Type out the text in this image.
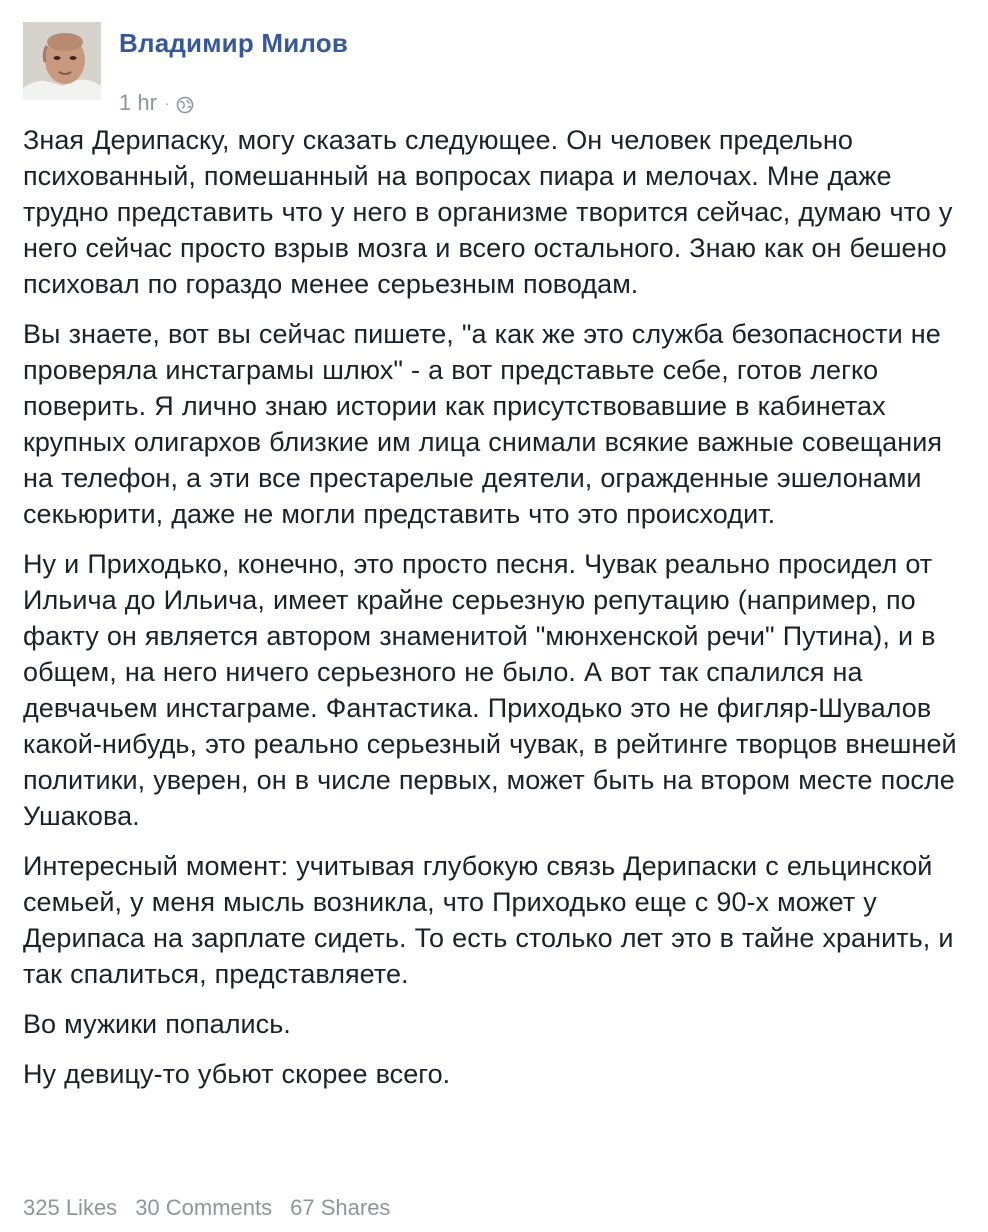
Владимир Милов
1 hr ·

Зная Дерипаску, могу сказать следующее. Он человек предельно психованный, помешанный на вопросах пиара и мелочах. Мне даже трудно представить что у него в организме творится сейчас, думаю что у него сейчас просто взрыв мозга и всего остального. Знаю как он бешено психовал по гораздо менее серьезным поводам.

Вы знаете, вот вы сейчас пишете, "а как же это служба безопасности не проверяла инстаграмы шлюх" - а вот представьте себе, готов легко поверить. Я лично знаю истории как присутствовавшие в кабинетах крупных олигархов близкие им лица снимали всякие важные совещания на телефон, а эти все престарелые деятели, огражденные эшелонами секьюрити, даже не могли представить что это происходит.

Ну и Приходько, конечно, это просто песня. Чувак реально просидел от Ильича до Ильича, имеет крайне серьезную репутацию (например, по факту он является автором знаменитой "мюнхенской речи" Путина), и в общем, на него ничего серьезного не было. А вот так спалился на девчачьем инстаграме. Фантастика. Приходько это не фигляр-Шувалов какой-нибудь, это реально серьезный чувак, в рейтинге творцов внешней политики, уверен, он в числе первых, может быть на втором месте после Ушакова.

Интересный момент: учитывая глубокую связь Дерипаски с ельцинской семьей, у меня мысль возникла, что Приходько еще с 90-х может у Дерипаса на зарплате сидеть. То есть столько лет это в тайне хранить, и так спалиться, представляете.

Во мужики попались.

Ну девицу-то убьют скорее всего.

325 Likes 30 Comments 67 Shares
